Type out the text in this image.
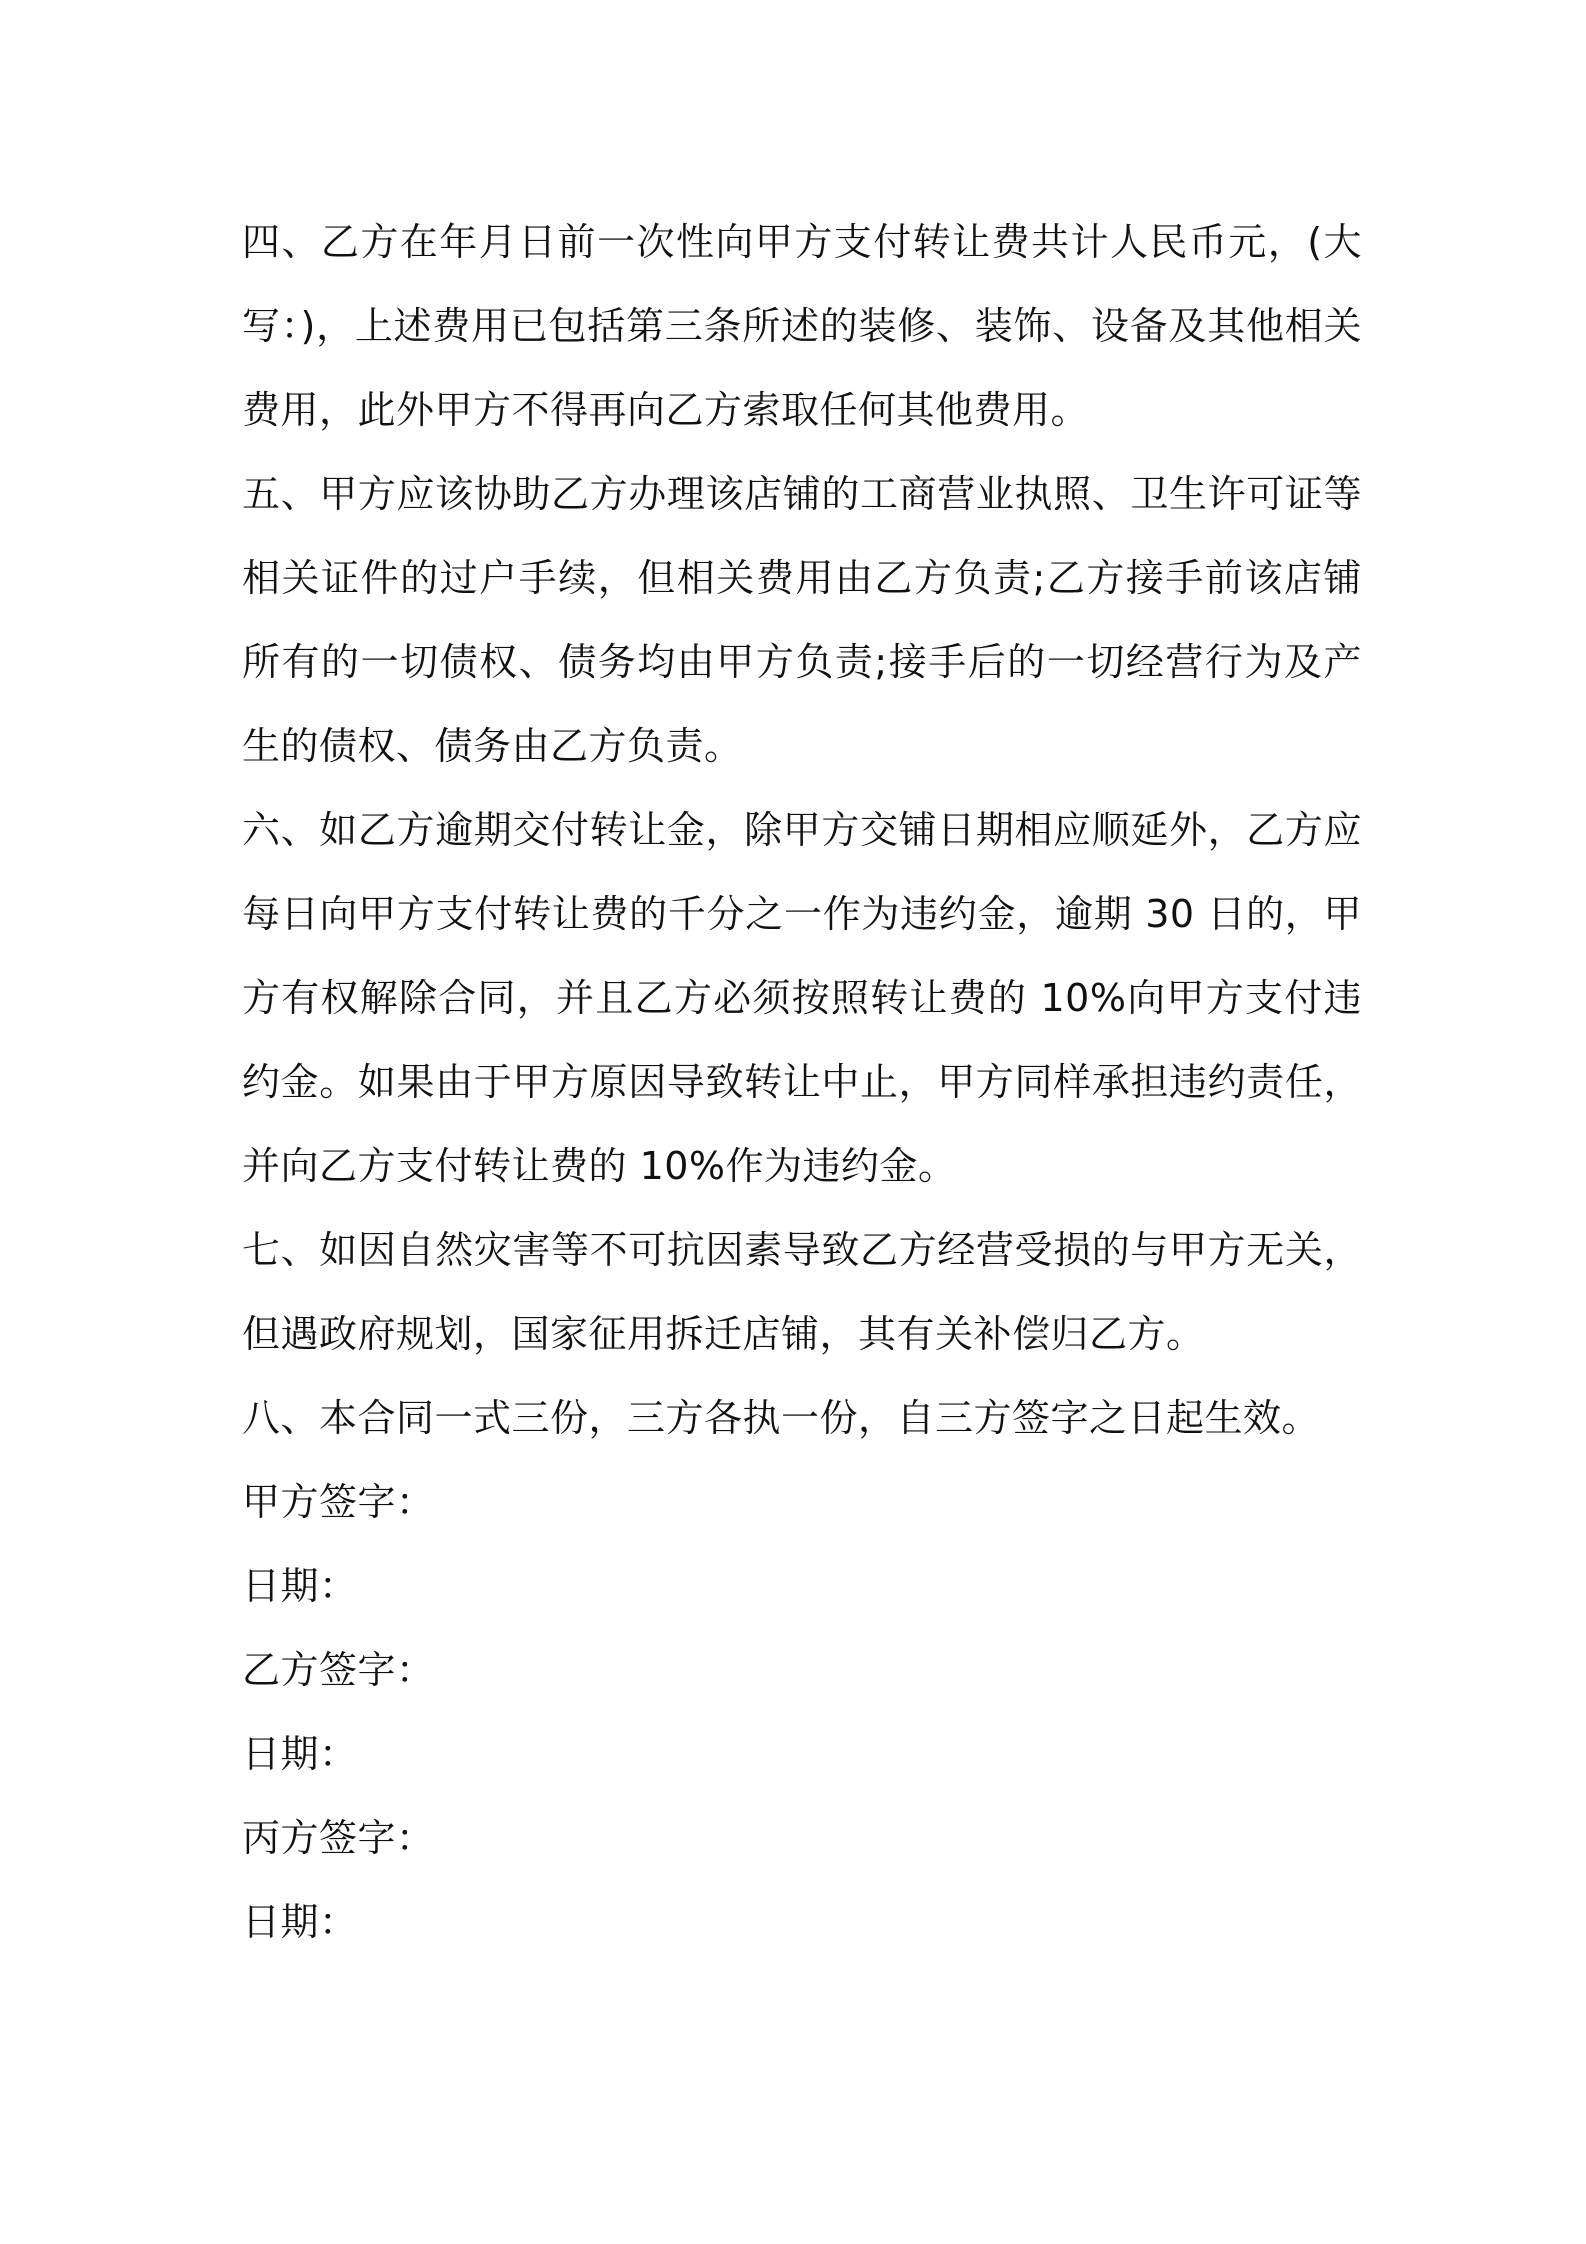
四、乙方在年月日前一次性向甲方支付转让费共计人民币元，(大写：)，上述费用已包括第三条所述的装修、装饰、设备及其他相关费用，此外甲方不得再向乙方索取任何其他费用。

五、甲方应该协助乙方办理该店铺的工商营业执照、卫生许可证等相关证件的过户手续，但相关费用由乙方负责;乙方接手前该店铺所有的一切债权、债务均由甲方负责;接手后的一切经营行为及产生的债权、债务由乙方负责。

六、如乙方逾期交付转让金，除甲方交铺日期相应顺延外，乙方应每日向甲方支付转让费的千分之一作为违约金，逾期 30 日的，甲方有权解除合同，并且乙方必须按照转让费的 10%向甲方支付违约金。如果由于甲方原因导致转让中止，甲方同样承担违约责任，并向乙方支付转让费的 10%作为违约金。

七、如因自然灾害等不可抗因素导致乙方经营受损的与甲方无关，但遇政府规划，国家征用拆迁店铺，其有关补偿归乙方。

八、本合同一式三份，三方各执一份，自三方签字之日起生效。

甲方签字：
日期：
乙方签字：
日期：
丙方签字：
日期：
